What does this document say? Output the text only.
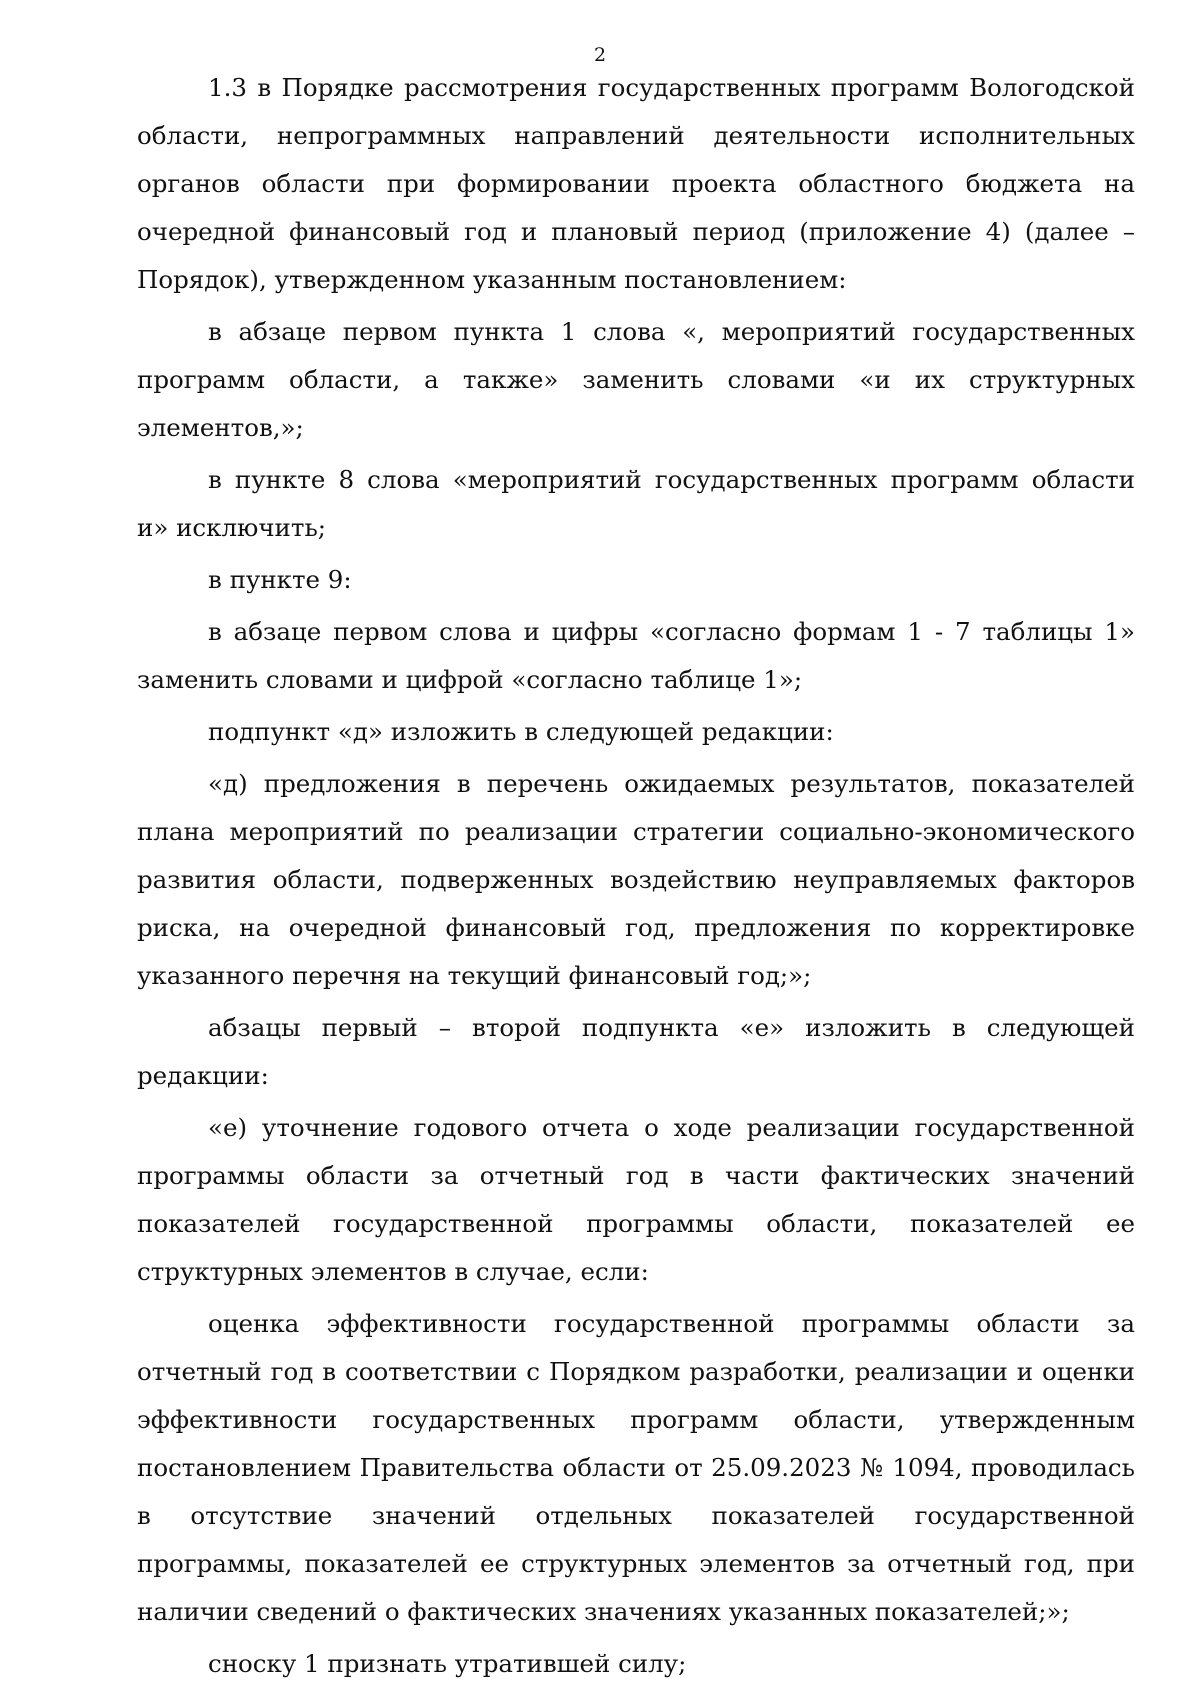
2

1.3 в Порядке рассмотрения государственных программ Вологодской области, непрограммных направлений деятельности исполнительных органов области при формировании проекта областного бюджета на очередной финансовый год и плановый период (приложение 4) (далее – Порядок), утвержденном указанным постановлением:

в абзаце первом пункта 1 слова «, мероприятий государственных программ области, а также» заменить словами «и их структурных элементов,»;

в пункте 8 слова «мероприятий государственных программ области и» исключить;

в пункте 9:

в абзаце первом слова и цифры «согласно формам 1 - 7 таблицы 1» заменить словами и цифрой «согласно таблице 1»;

подпункт «д» изложить в следующей редакции:

«д) предложения в перечень ожидаемых результатов, показателей плана мероприятий по реализации стратегии социально-экономического развития области, подверженных воздействию неуправляемых факторов риска, на очередной финансовый год, предложения по корректировке указанного перечня на текущий финансовый год;»;

абзацы первый – второй подпункта «е» изложить в следующей редакции:

«е) уточнение годового отчета о ходе реализации государственной программы области за отчетный год в части фактических значений показателей государственной программы области, показателей ее структурных элементов в случае, если:

оценка эффективности государственной программы области за отчетный год в соответствии с Порядком разработки, реализации и оценки эффективности государственных программ области, утвержденным постановлением Правительства области от 25.09.2023 № 1094, проводилась в отсутствие значений отдельных показателей государственной программы, показателей ее структурных элементов за отчетный год, при наличии сведений о фактических значениях указанных показателей;»;

сноску 1 признать утратившей силу;
